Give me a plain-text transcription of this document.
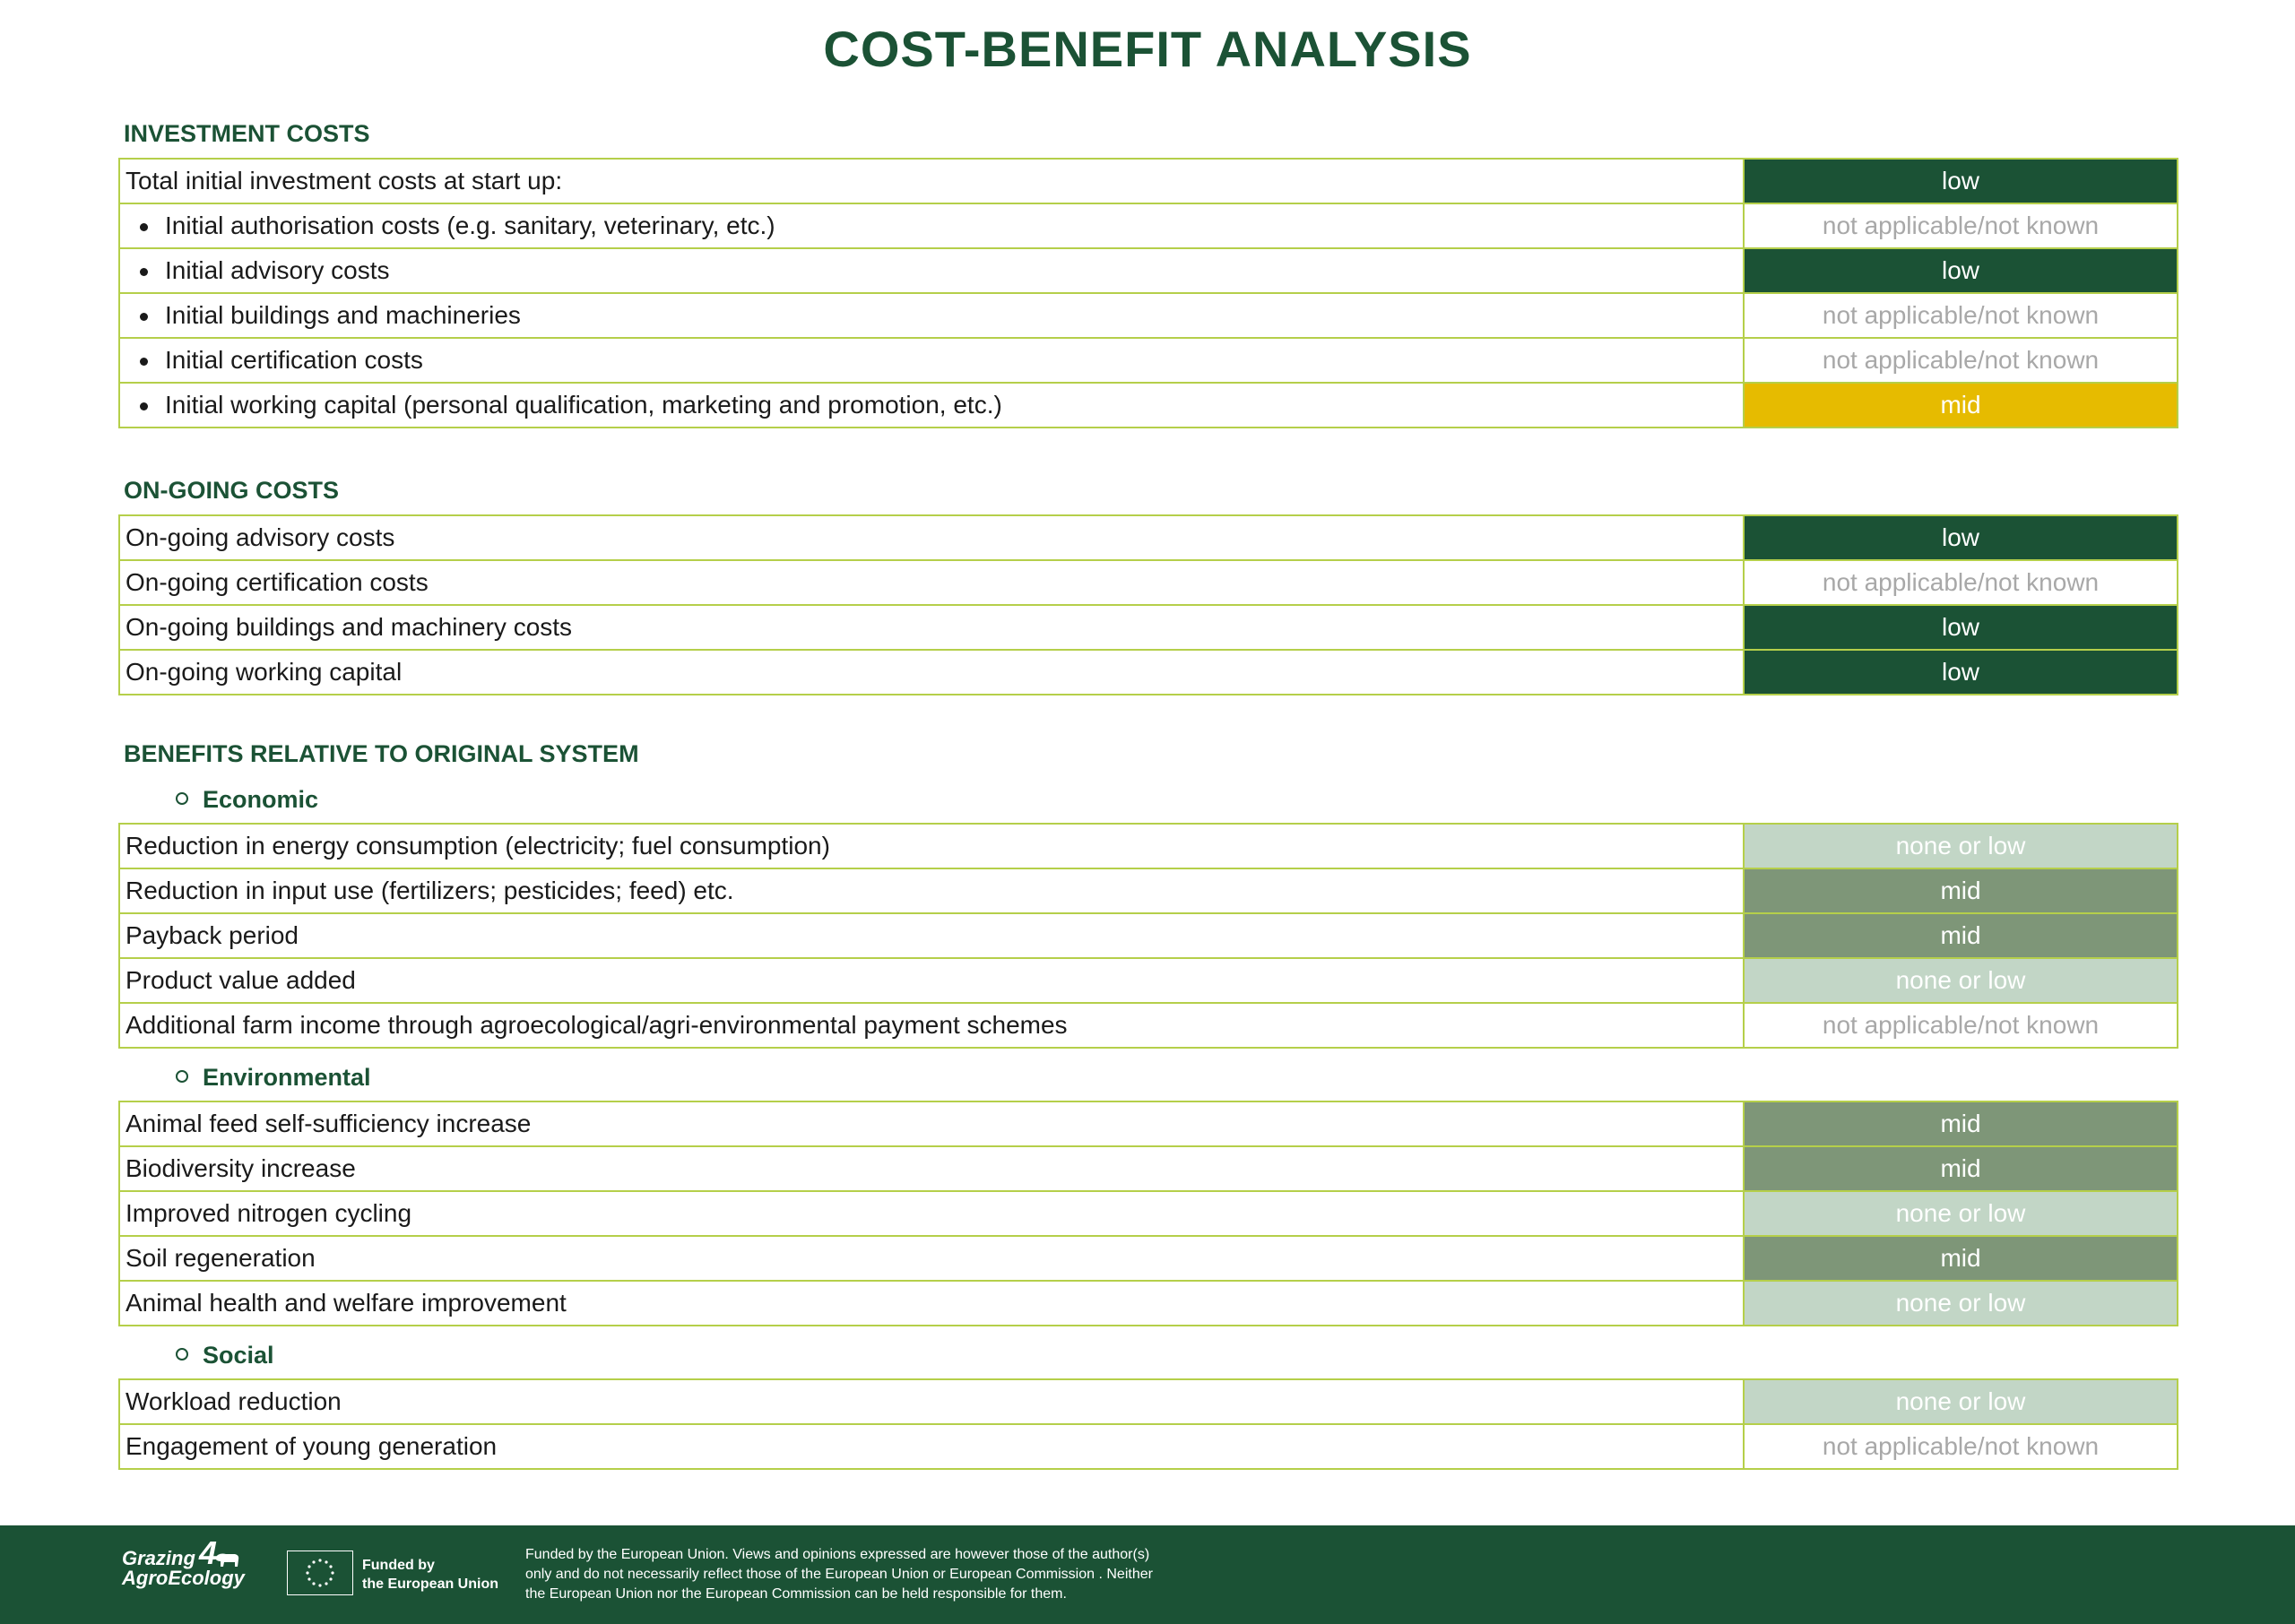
COST-BENEFIT ANALYSIS
INVESTMENT COSTS
Total initial investment costs at start up:	low
Initial authorisation costs (e.g. sanitary, veterinary, etc.)	not applicable/not known
Initial advisory costs	low
Initial buildings and machineries	not applicable/not known
Initial certification costs	not applicable/not known
Initial working capital (personal qualification, marketing and promotion, etc.)	mid
ON-GOING COSTS
On-going advisory costs	low
On-going certification costs	not applicable/not known
On-going buildings and machinery costs	low
On-going working capital	low
BENEFITS RELATIVE TO ORIGINAL SYSTEM
Economic
Reduction in energy consumption (electricity; fuel consumption)	none or low
Reduction in input use (fertilizers; pesticides; feed) etc.	mid
Payback period	mid
Product value added	none or low
Additional farm income through agroecological/agri-environmental payment schemes	not applicable/not known
Environmental
Animal feed self-sufficiency increase	mid
Biodiversity increase	mid
Improved nitrogen cycling	none or low
Soil regeneration	mid
Animal health and welfare improvement	none or low
Social
Workload reduction	none or low
Engagement of young generation	not applicable/not known
Grazing
AgroEcology
4	Funded by
the European Union
Funded by the European Union. Views and opinions expressed are however those of the author(s)
only and do not necessarily reflect those of the European Union or European Commission . Neither
the European Union nor the European Commission can be held responsible for them.
